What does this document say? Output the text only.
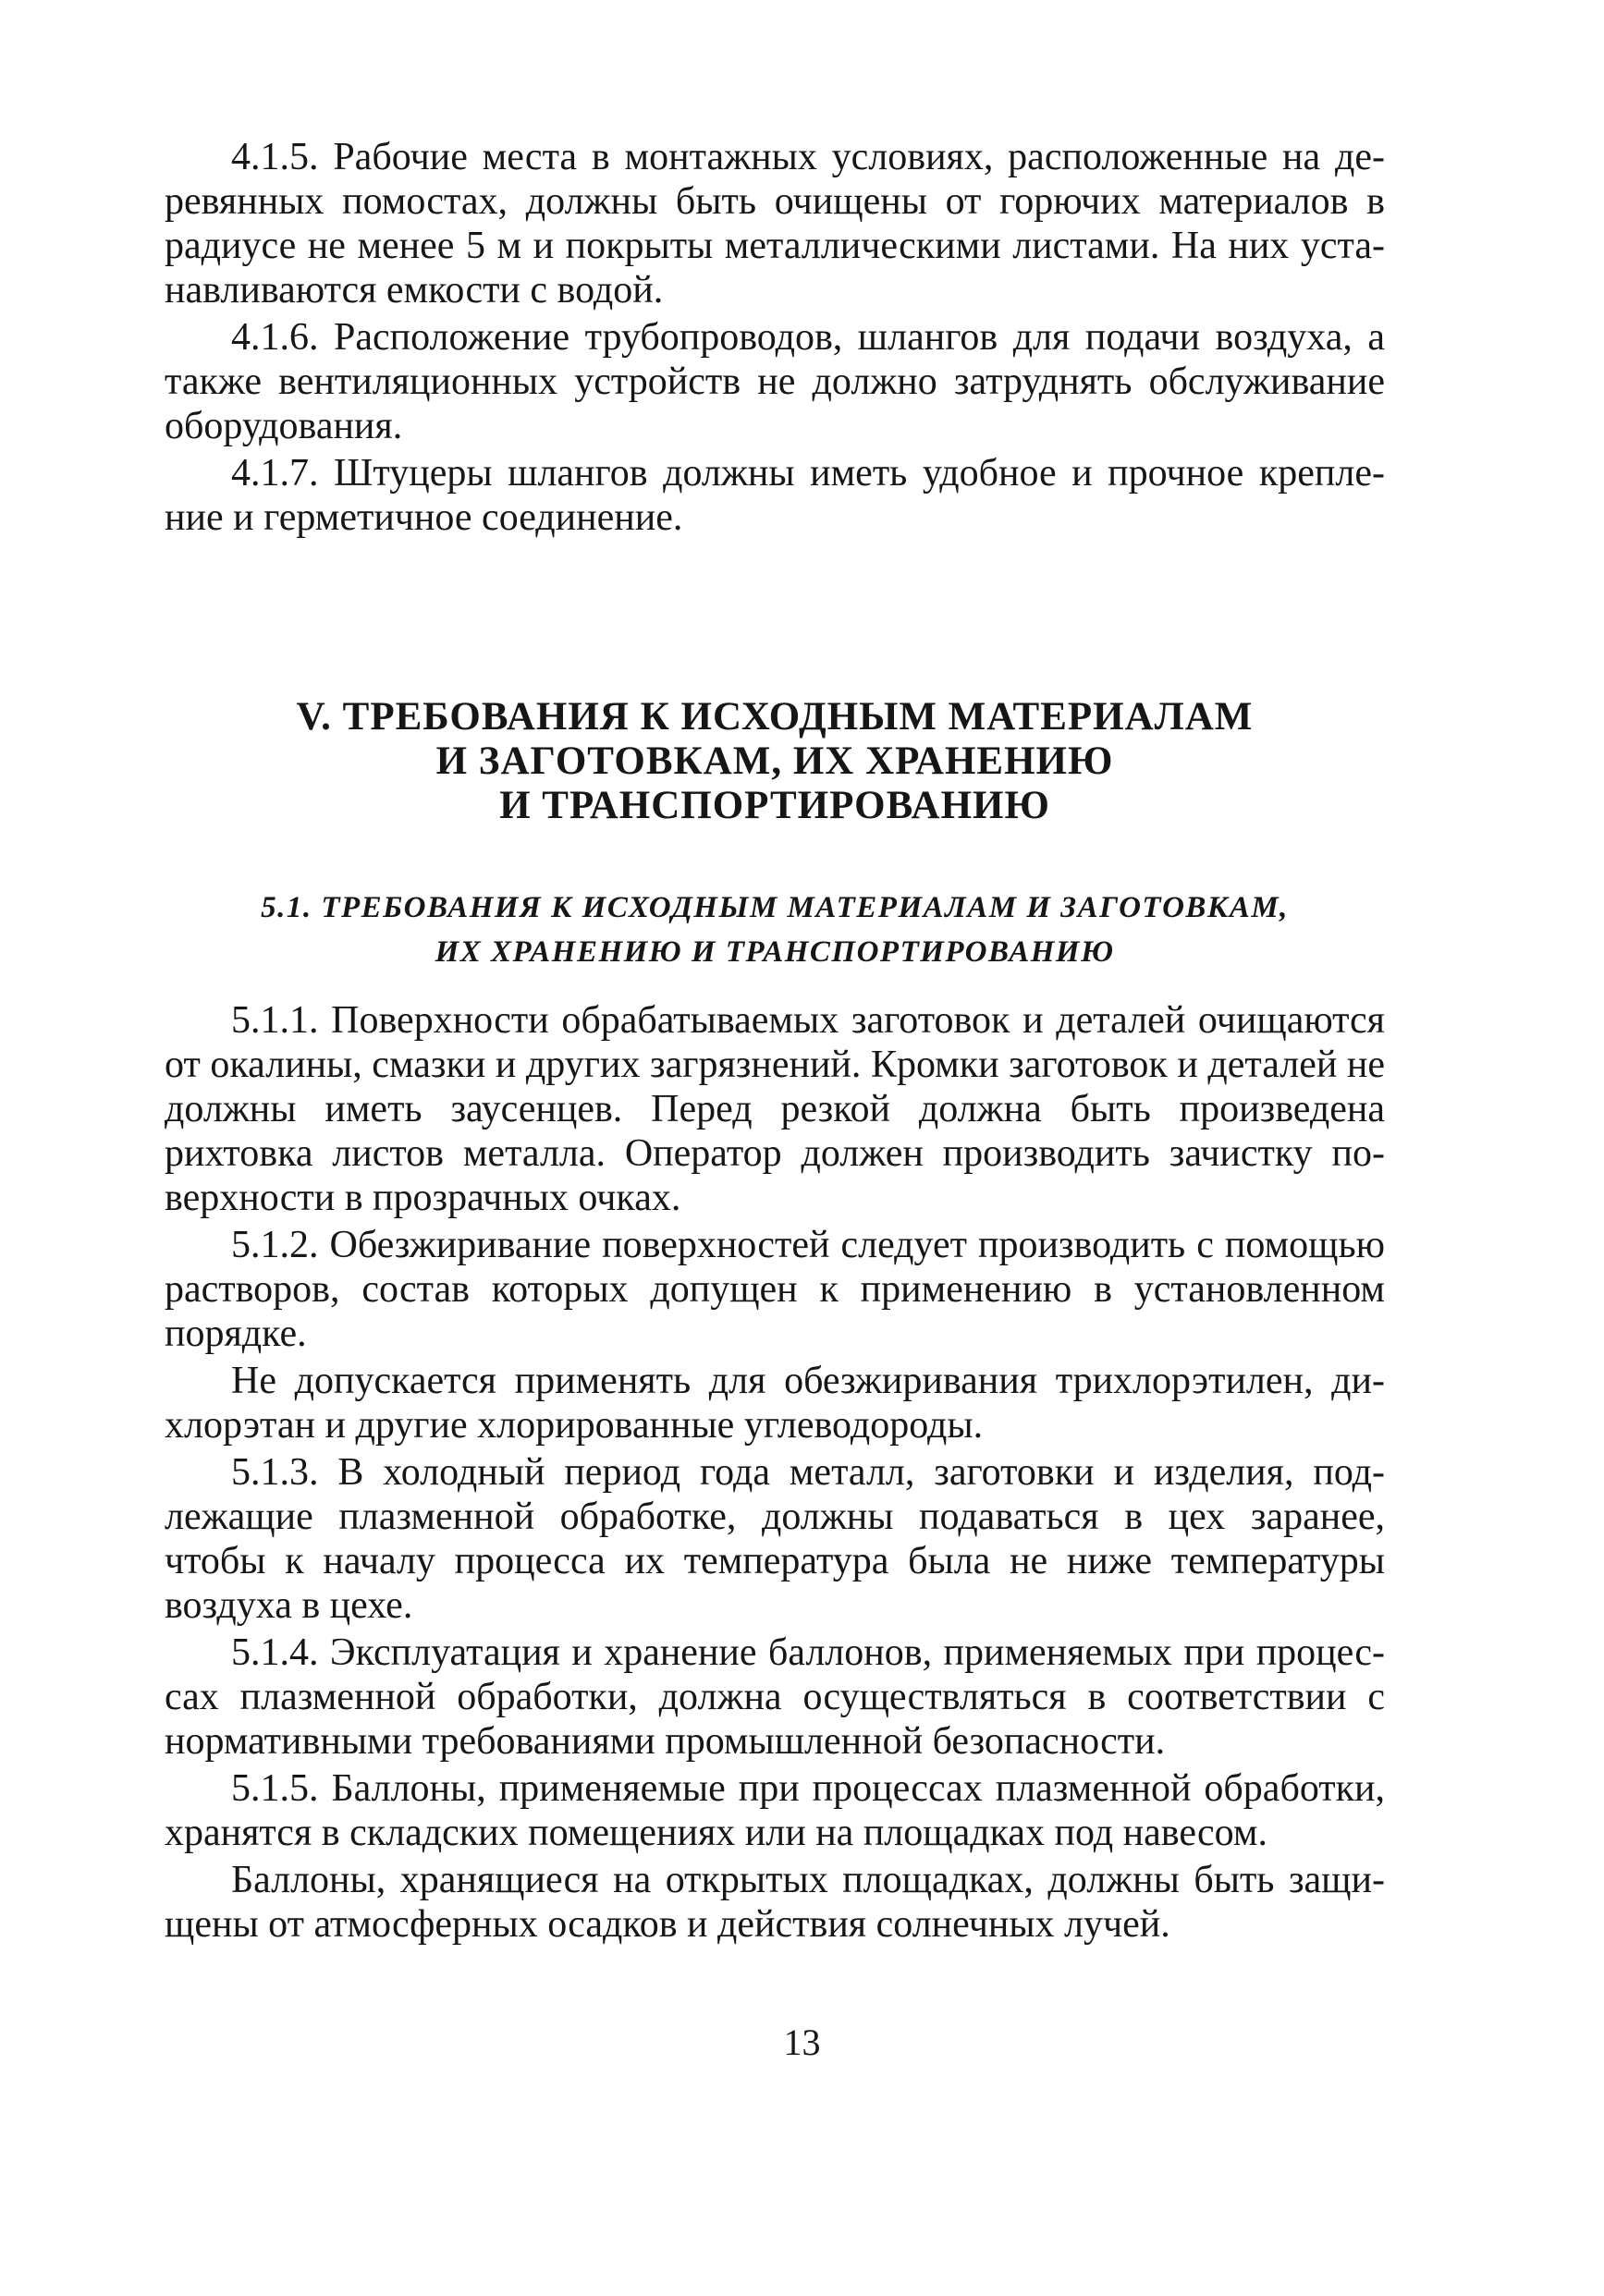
4.1.5. Рабочие места в монтажных условиях, расположенные на деревянных помостах, должны быть очищены от горючих материалов в радиусе не менее 5 м и покрыты металлическими листами. На них устанавливаются емкости с водой.

4.1.6. Расположение трубопроводов, шлангов для подачи воздуха, а также вентиляционных устройств не должно затруднять обслуживание оборудования.

4.1.7. Штуцеры шлангов должны иметь удобное и прочное крепление и герметичное соединение.

V. ТРЕБОВАНИЯ К ИСХОДНЫМ МАТЕРИАЛАМ
И ЗАГОТОВКАМ, ИХ ХРАНЕНИЮ
И ТРАНСПОРТИРОВАНИЮ
5.1. ТРЕБОВАНИЯ К ИСХОДНЫМ МАТЕРИАЛАМ И ЗАГОТОВКАМ,
ИХ ХРАНЕНИЮ И ТРАНСПОРТИРОВАНИЮ

5.1.1. Поверхности обрабатываемых заготовок и деталей очищаются от окалины, смазки и других загрязнений. Кромки заготовок и деталей не должны иметь заусенцев. Перед резкой должна быть произведена рихтовка листов металла. Оператор должен производить зачистку поверхности в прозрачных очках.

5.1.2. Обезжиривание поверхностей следует производить с помощью растворов, состав которых допущен к применению в установленном порядке.

Не допускается применять для обезжиривания трихлорэтилен, дихлорэтан и другие хлорированные углеводороды.

5.1.3. В холодный период года металл, заготовки и изделия, подлежащие плазменной обработке, должны подаваться в цех заранее, чтобы к началу процесса их температура была не ниже температуры воздуха в цехе.

5.1.4. Эксплуатация и хранение баллонов, применяемых при процессах плазменной обработки, должна осуществляться в соответствии с нормативными требованиями промышленной безопасности.

5.1.5. Баллоны, применяемые при процессах плазменной обработки, хранятся в складских помещениях или на площадках под навесом.

Баллоны, хранящиеся на открытых площадках, должны быть защищены от атмосферных осадков и действия солнечных лучей.

13
